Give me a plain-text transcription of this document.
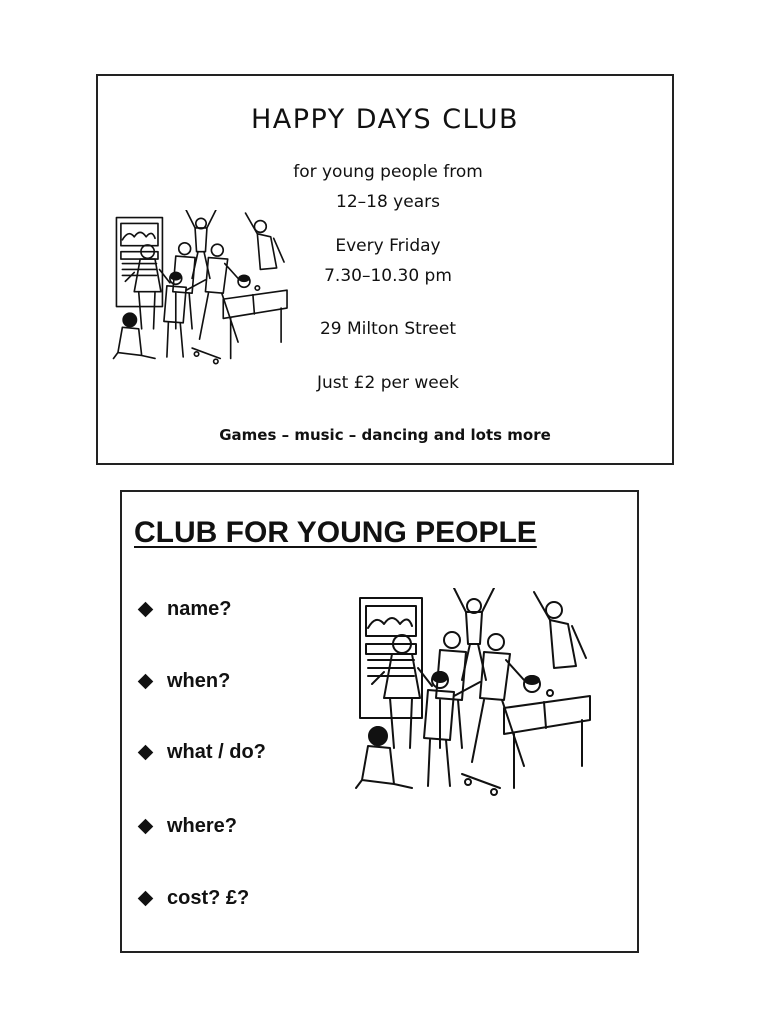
HAPPY DAYS CLUB
for young people from
12–18 years
Every Friday
7.30–10.30 pm
29 Milton Street
Just £2 per week
Games – music – dancing and lots more
CLUB FOR YOUNG PEOPLE
name?
when?
what / do?
where?
cost? £?
